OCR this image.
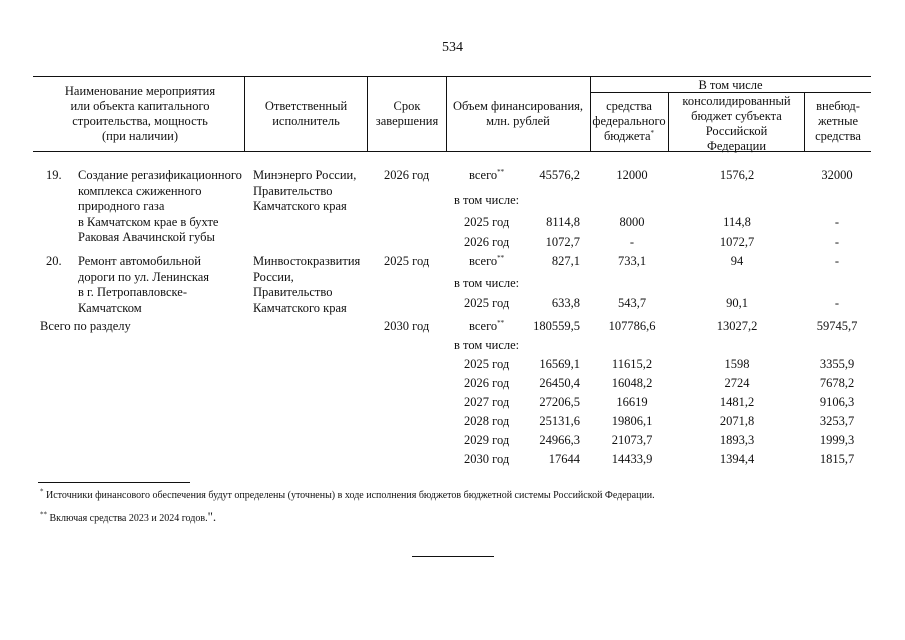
534
Наименование мероприятия
или объекта капитального
строительства, мощность
(при наличии)
Ответственный
исполнитель
Срок
завершения
Объем финансирования,
млн. рублей
В том числе
средства
федерального
бюджета*
консолидированный
бюджет субъекта
Российской
Федерации
внебюд-
жетные
средства
19. Создание регазификационного
комплекса сжиженного
природного газа
в Камчатском крае в бухте
Раковая Авачинской губы
Минэнерго России,
Правительство
Камчатского края
2026 год	всего**	45576,2	12000	1576,2	32000
в том числе:
2025 год	8114,8	8000	114,8	-
2026 год	1072,7	-	1072,7	-
20. Ремонт автомобильной
дороги по ул. Ленинская
в г. Петропавловске-
Камчатском
Минвостокразвития
России,
Правительство
Камчатского края
2025 год	всего**	827,1	733,1	94	-
в том числе:
2025 год	633,8	543,7	90,1	-
Всего по разделу	2030 год	всего** 180559,5	107786,6	13027,2	59745,7
в том числе:
2025 год 16569,1	11615,2	1598	3355,9
2026 год 26450,4	16048,2	2724	7678,2
2027 год 27206,5	16619	1481,2	9106,3
2028 год 25131,6	19806,1	2071,8	3253,7
2029 год 24966,3	21073,7	1893,3	1999,3
2030 год	17644	14433,9	1394,4	1815,7
* Источники финансового обеспечения будут определены (уточнены) в ходе исполнения бюджетов бюджетной системы Российской Федерации.
** Включая средства 2023 и 2024 годов.".
